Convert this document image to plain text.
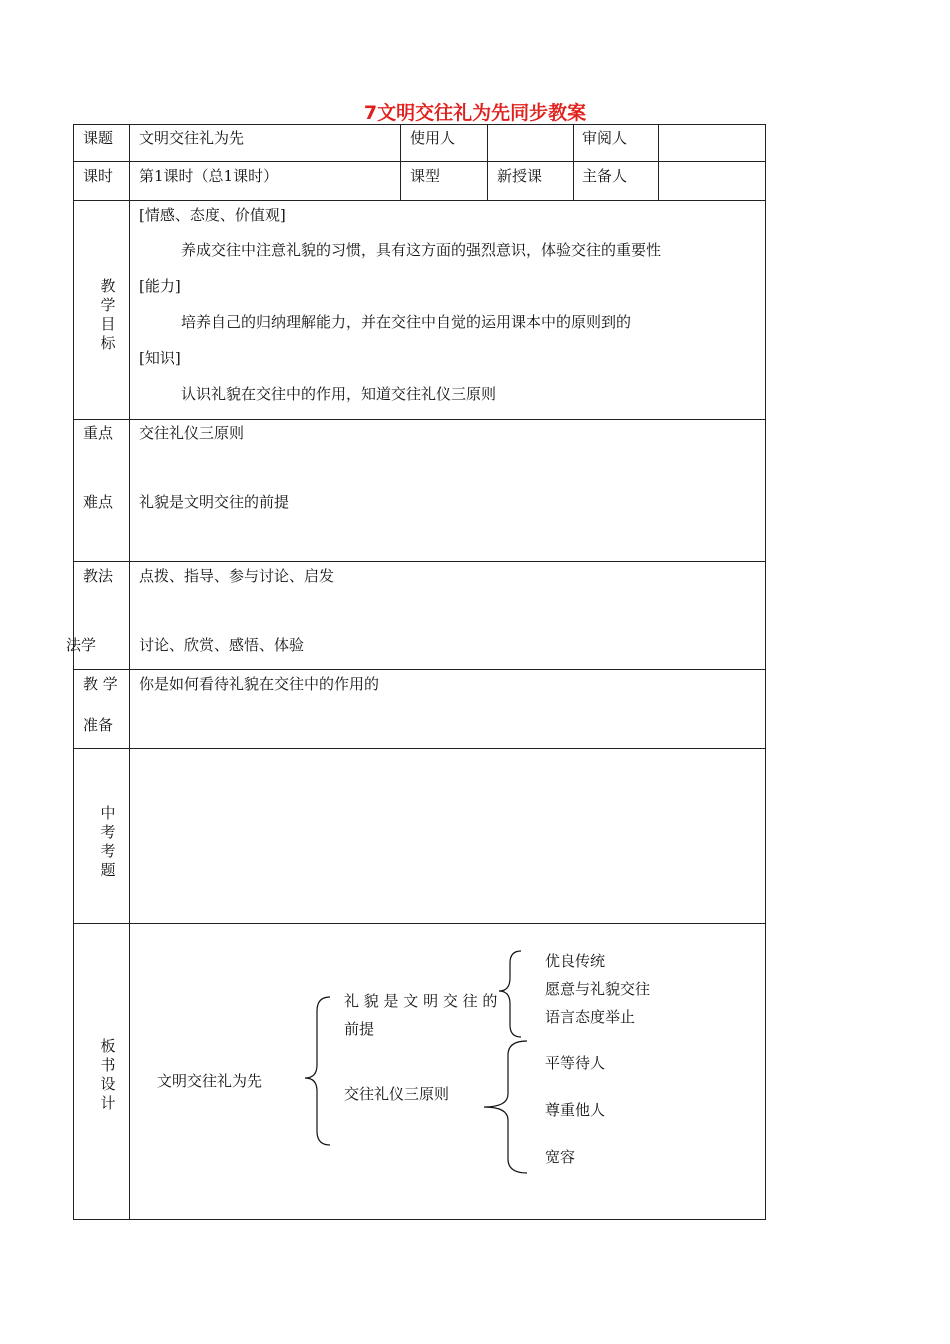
7文明交往礼为先同步教案
课题 文明交往礼为先	使用人	审阅人
课时 第1课时（总1课时）	课型	新授课	主备人
教学目标
[情感、态度、价值观]
养成交往中注意礼貌的习惯，具有这方面的强烈意识，体验交往的重要性
[能力]
培养自己的归纳理解能力，并在交往中自觉的运用课本中的原则 到的
[知识]
认识礼貌在交往中的作用，知道交往礼仪三原则
重点 交往礼仪三原则
难点 礼貌是文明交往的前提
教法 点拨、指导、参与讨论、启发
法学	讨论、欣赏、感悟、体验
教 学
准备
你是如何看待礼貌在交往中的作用的
中考考题
板书设计
文明交往礼为先
礼 貌 是 文 明 交 往 的
前提
优良传统
愿意与礼貌交往
语言态度举止
交往礼仪三原则
平等待人
尊重他人
宽容
